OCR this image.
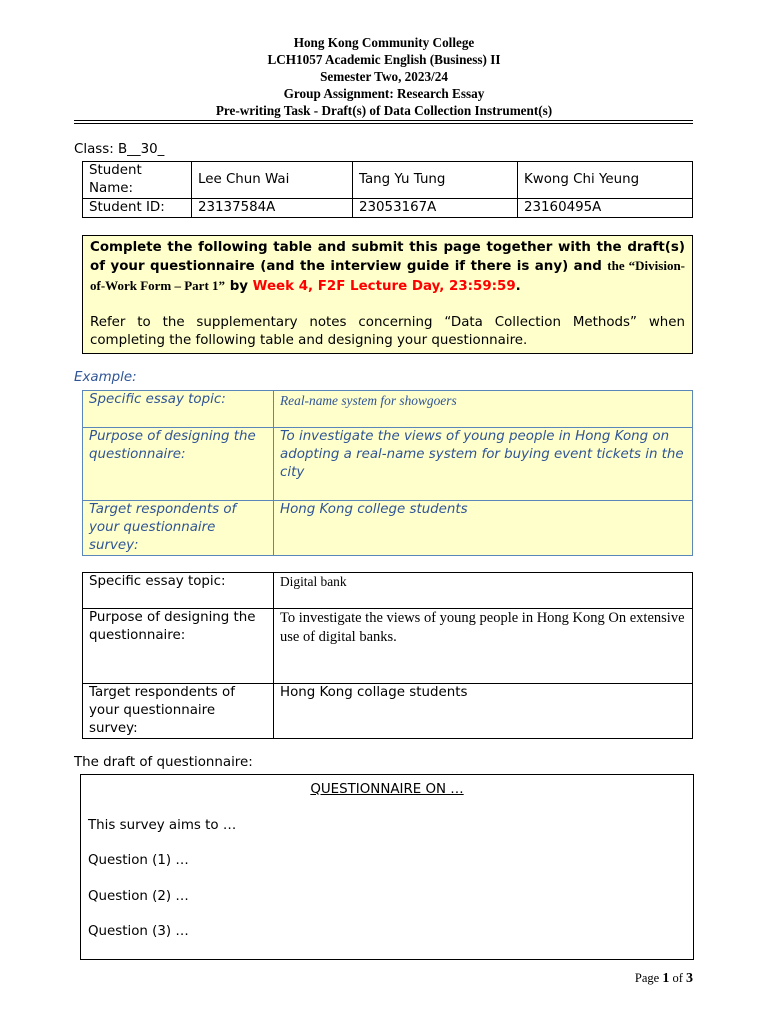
Hong Kong Community College
LCH1057 Academic English (Business) II
Semester Two, 2023/24
Group Assignment: Research Essay
Pre-writing Task - Draft(s) of Data Collection Instrument(s)
Class: B__30_
Student Name:	Lee Chun Wai	Tang Yu Tung	Kwong Chi Yeung
Student ID:	23137584A	23053167A	23160495A

Complete the following table and submit this page together with the draft(s) of your questionnaire (and the interview guide if there is any) and the “Division-of-Work Form – Part 1” by Week 4, F2F Lecture Day, 23:59:59.

Refer to the supplementary notes concerning “Data Collection Methods” when completing the following table and designing your questionnaire.

Example:
Specific essay topic:	Real-name system for showgoers
Purpose of designing the questionnaire:	To investigate the views of young people in Hong Kong on adopting a real-name system for buying event tickets in the city
Target respondents of your questionnaire survey:	Hong Kong college students
Specific essay topic:	Digital bank
Purpose of designing the questionnaire:	To investigate the views of young people in Hong Kong On extensive use of digital banks.
Target respondents of your questionnaire survey:	Hong Kong collage students
The draft of questionnaire:
QUESTIONNAIRE ON …
This survey aims to …
Question (1) …
Question (2) …
Question (3) …
Page 1 of 3
